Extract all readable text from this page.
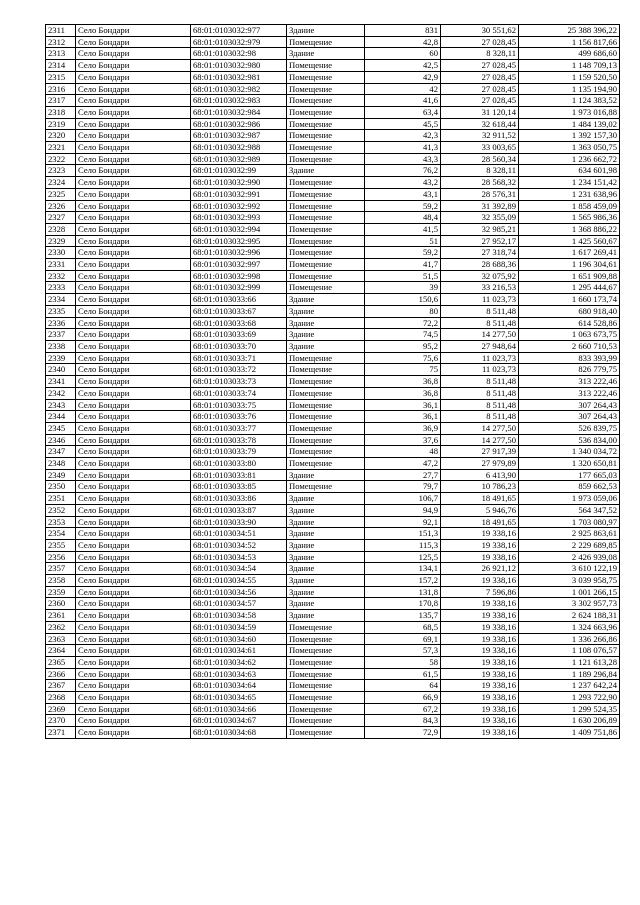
2311	Село Бондари	68:01:0103032:977	Здание	831	30 551,62	25 388 396,22
2312	Село Бондари	68:01:0103032:979	Помещение	42,8	27 028,45	1 156 817,66
2313	Село Бондари	68:01:0103032:98	Здание	60	8 328,11	499 686,60
2314	Село Бондари	68:01:0103032:980	Помещение	42,5	27 028,45	1 148 709,13
2315	Село Бондари	68:01:0103032:981	Помещение	42,9	27 028,45	1 159 520,50
2316	Село Бондари	68:01:0103032:982	Помещение	42	27 028,45	1 135 194,90
2317	Село Бондари	68:01:0103032:983	Помещение	41,6	27 028,45	1 124 383,52
2318	Село Бондари	68:01:0103032:984	Помещение	63,4	31 120,14	1 973 016,88
2319	Село Бондари	68:01:0103032:986	Помещение	45,5	32 618,44	1 484 139,02
2320	Село Бондари	68:01:0103032:987	Помещение	42,3	32 911,52	1 392 157,30
2321	Село Бондари	68:01:0103032:988	Помещение	41,3	33 003,65	1 363 050,75
2322	Село Бондари	68:01:0103032:989	Помещение	43,3	28 560,34	1 236 662,72
2323	Село Бондари	68:01:0103032:99	Здание	76,2	8 328,11	634 601,98
2324	Село Бондари	68:01:0103032:990	Помещение	43,2	28 568,32	1 234 151,42
2325	Село Бондари	68:01:0103032:991	Помещение	43,1	28 576,31	1 231 638,96
2326	Село Бондари	68:01:0103032:992	Помещение	59,2	31 392,89	1 858 459,09
2327	Село Бондари	68:01:0103032:993	Помещение	48,4	32 355,09	1 565 986,36
2328	Село Бондари	68:01:0103032:994	Помещение	41,5	32 985,21	1 368 886,22
2329	Село Бондари	68:01:0103032:995	Помещение	51	27 952,17	1 425 560,67
2330	Село Бондари	68:01:0103032:996	Помещение	59,2	27 318,74	1 617 269,41
2331	Село Бондари	68:01:0103032:997	Помещение	41,7	28 688,36	1 196 304,61
2332	Село Бондари	68:01:0103032:998	Помещение	51,5	32 075,92	1 651 909,88
2333	Село Бондари	68:01:0103032:999	Помещение	39	33 216,53	1 295 444,67
2334	Село Бондари	68:01:0103033:66	Здание	150,6	11 023,73	1 660 173,74
2335	Село Бондари	68:01:0103033:67	Здание	80	8 511,48	680 918,40
2336	Село Бондари	68:01:0103033:68	Здание	72,2	8 511,48	614 528,86
2337	Село Бондари	68:01:0103033:69	Здание	74,5	14 277,50	1 063 673,75
2338	Село Бондари	68:01:0103033:70	Здание	95,2	27 948,64	2 660 710,53
2339	Село Бондари	68:01:0103033:71	Помещение	75,6	11 023,73	833 393,99
2340	Село Бондари	68:01:0103033:72	Помещение	75	11 023,73	826 779,75
2341	Село Бондари	68:01:0103033:73	Помещение	36,8	8 511,48	313 222,46
2342	Село Бондари	68:01:0103033:74	Помещение	36,8	8 511,48	313 222,46
2343	Село Бондари	68:01:0103033:75	Помещение	36,1	8 511,48	307 264,43
2344	Село Бондари	68:01:0103033:76	Помещение	36,1	8 511,48	307 264,43
2345	Село Бондари	68:01:0103033:77	Помещение	36,9	14 277,50	526 839,75
2346	Село Бондари	68:01:0103033:78	Помещение	37,6	14 277,50	536 834,00
2347	Село Бондари	68:01:0103033:79	Помещение	48	27 917,39	1 340 034,72
2348	Село Бондари	68:01:0103033:80	Помещение	47,2	27 979,89	1 320 650,81
2349	Село Бондари	68:01:0103033:81	Здание	27,7	6 413,90	177 665,03
2350	Село Бондари	68:01:0103033:85	Помещение	79,7	10 786,23	859 662,53
2351	Село Бондари	68:01:0103033:86	Здание	106,7	18 491,65	1 973 059,06
2352	Село Бондари	68:01:0103033:87	Здание	94,9	5 946,76	564 347,52
2353	Село Бондари	68:01:0103033:90	Здание	92,1	18 491,65	1 703 080,97
2354	Село Бондари	68:01:0103034:51	Здание	151,3	19 338,16	2 925 863,61
2355	Село Бондари	68:01:0103034:52	Здание	115,3	19 338,16	2 229 689,85
2356	Село Бондари	68:01:0103034:53	Здание	125,5	19 338,16	2 426 939,08
2357	Село Бондари	68:01:0103034:54	Здание	134,1	26 921,12	3 610 122,19
2358	Село Бондари	68:01:0103034:55	Здание	157,2	19 338,16	3 039 958,75
2359	Село Бондари	68:01:0103034:56	Здание	131,8	7 596,86	1 001 266,15
2360	Село Бондари	68:01:0103034:57	Здание	170,8	19 338,16	3 302 957,73
2361	Село Бондари	68:01:0103034:58	Здание	135,7	19 338,16	2 624 188,31
2362	Село Бондари	68:01:0103034:59	Помещение	68,5	19 338,16	1 324 663,96
2363	Село Бондари	68:01:0103034:60	Помещение	69,1	19 338,16	1 336 266,86
2364	Село Бондари	68:01:0103034:61	Помещение	57,3	19 338,16	1 108 076,57
2365	Село Бондари	68:01:0103034:62	Помещение	58	19 338,16	1 121 613,28
2366	Село Бондари	68:01:0103034:63	Помещение	61,5	19 338,16	1 189 296,84
2367	Село Бондари	68:01:0103034:64	Помещение	64	19 338,16	1 237 642,24
2368	Село Бондари	68:01:0103034:65	Помещение	66,9	19 338,16	1 293 722,90
2369	Село Бондари	68:01:0103034:66	Помещение	67,2	19 338,16	1 299 524,35
2370	Село Бондари	68:01:0103034:67	Помещение	84,3	19 338,16	1 630 206,89
2371	Село Бондари	68:01:0103034:68	Помещение	72,9	19 338,16	1 409 751,86
